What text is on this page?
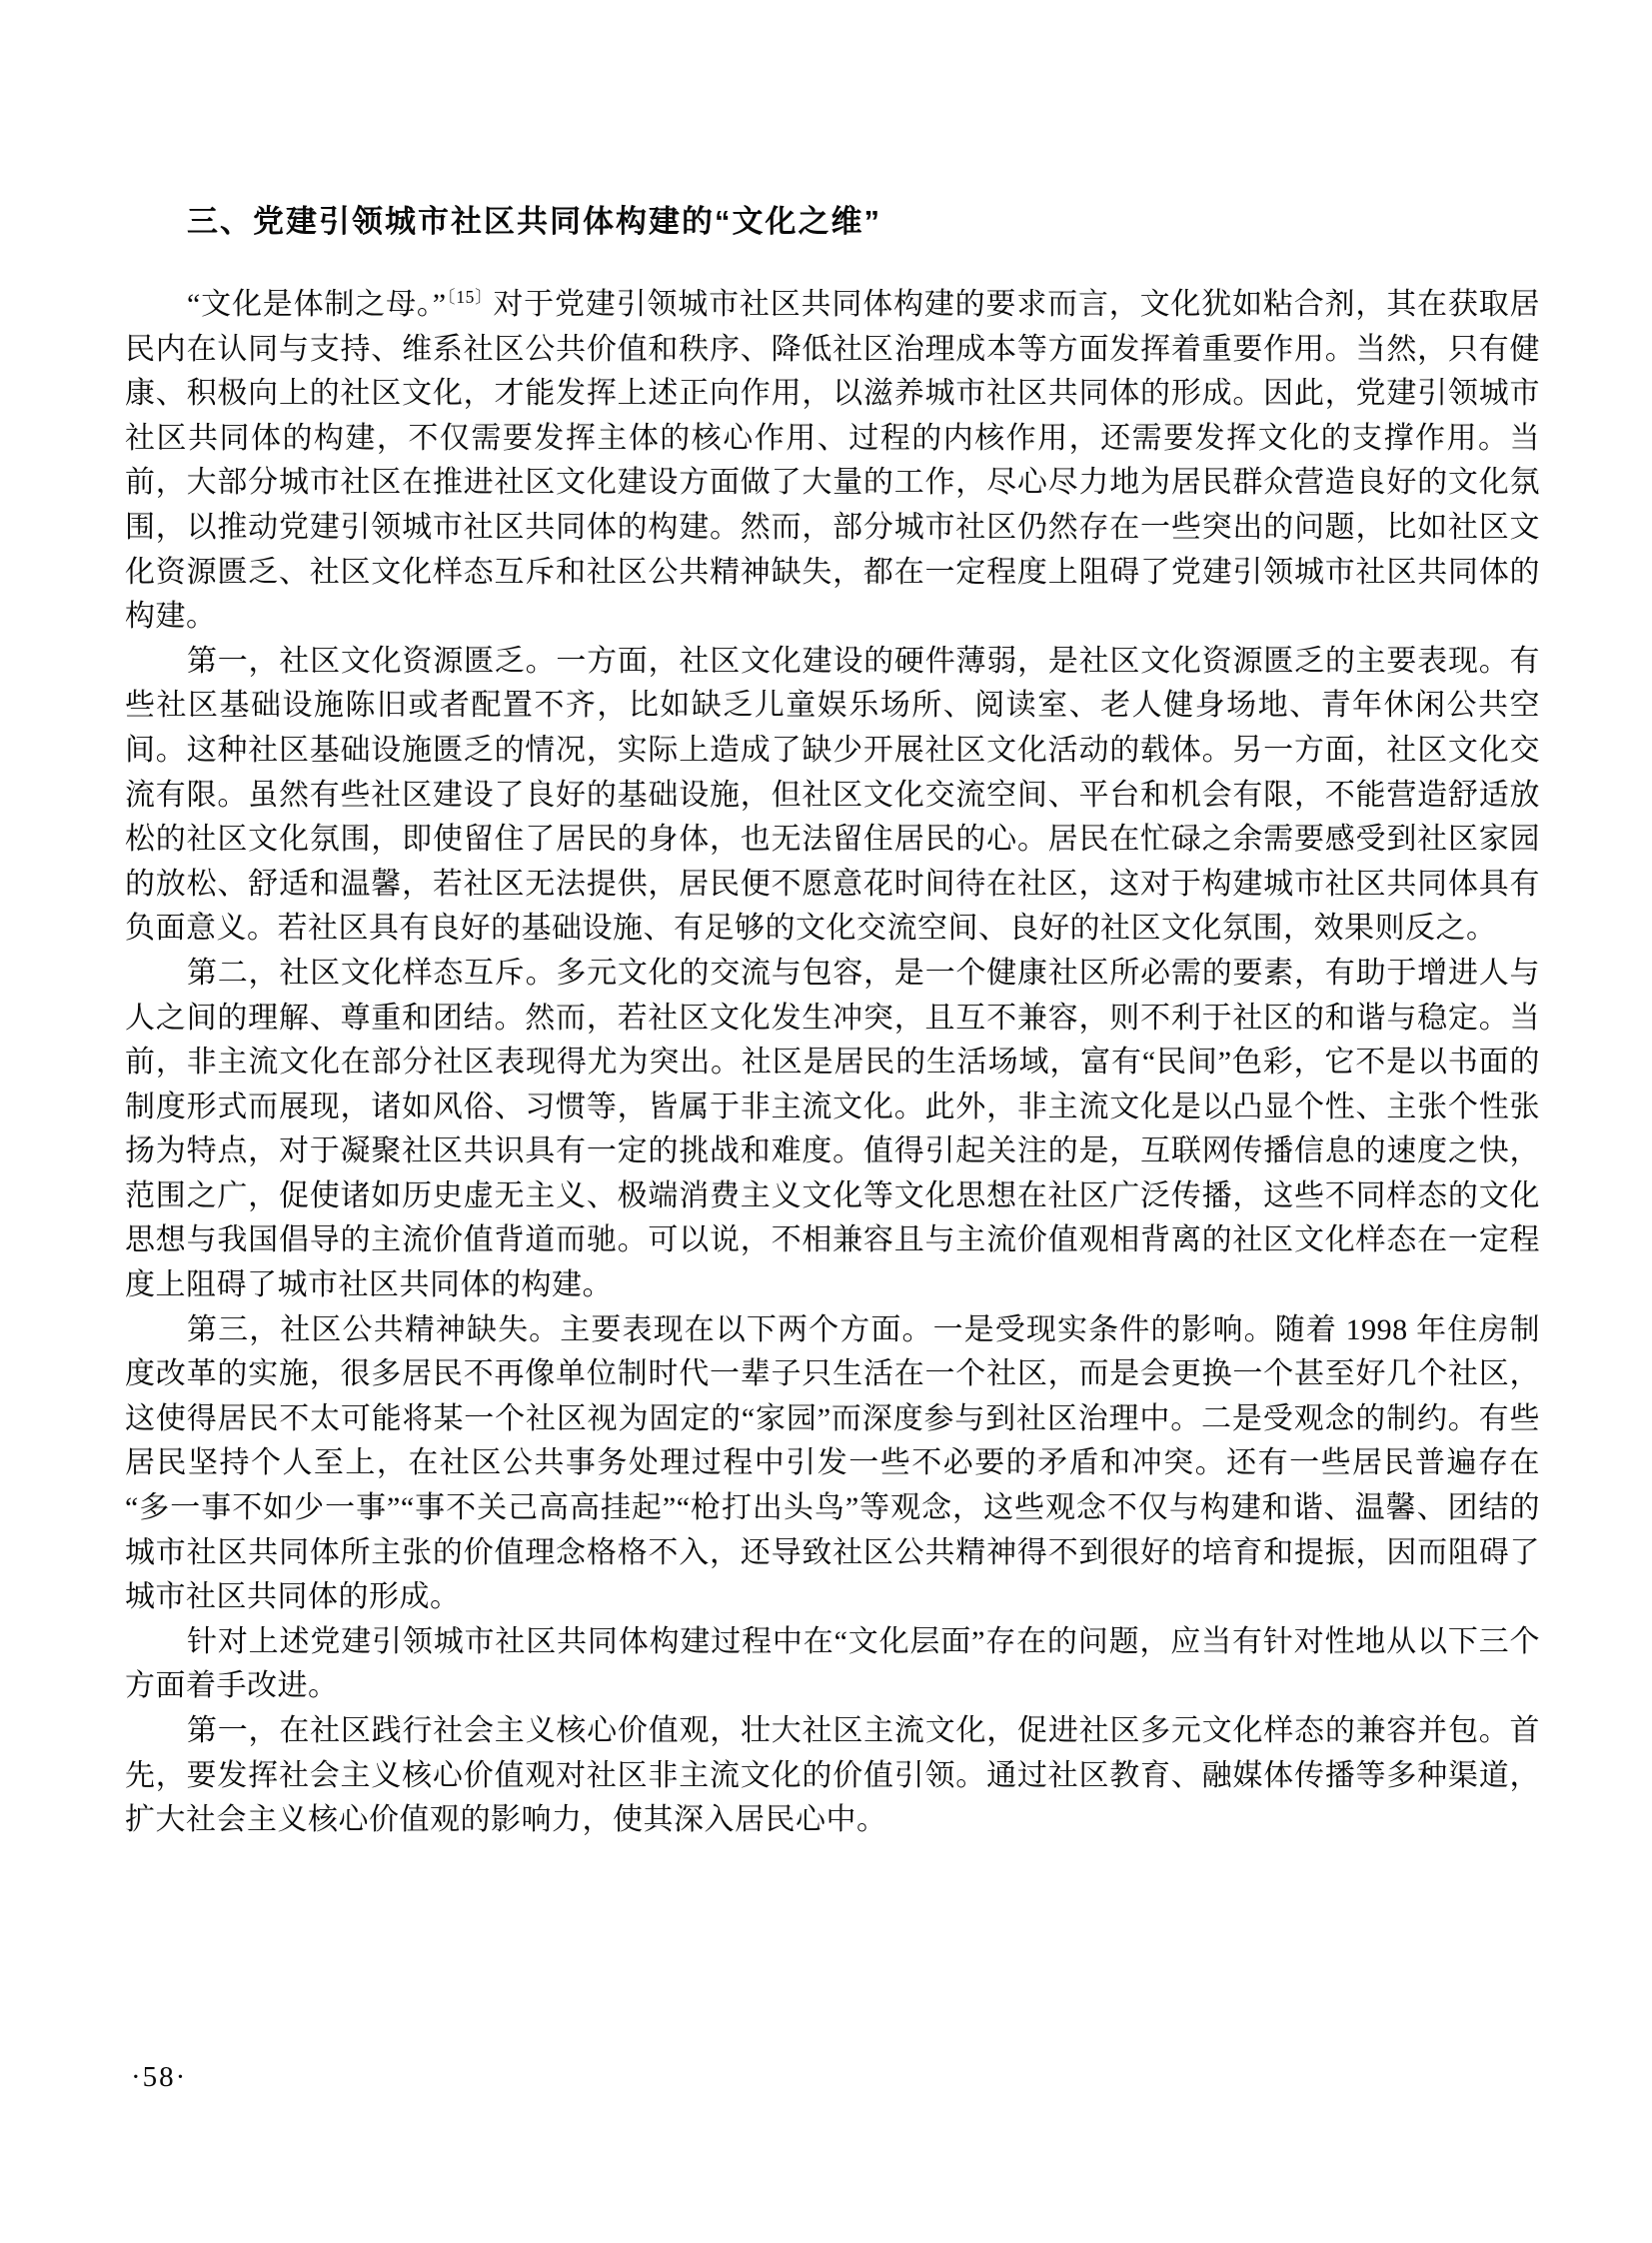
三、党建引领城市社区共同体构建的“文化之维”

“文化是体制之母。”$^{〔15〕}$对于党建引领城市社区共同体构建的要求而言，文化犹如粘合剂，其在获取居民内在认同与支持、维系社区公共价值和秩序、降低社区治理成本等方面发挥着重要作用。当然，只有健康、积极向上的社区文化，才能发挥上述正向作用，以滋养城市社区共同体的形成。因此，党建引领城市社区共同体的构建，不仅需要发挥主体的核心作用、过程的内核作用，还需要发挥文化的支撑作用。当前，大部分城市社区在推进社区文化建设方面做了大量的工作，尽心尽力地为居民群众营造良好的文化氛围，以推动党建引领城市社区共同体的构建。然而，部分城市社区仍然存在一些突出的问题，比如社区文化资源匮乏、社区文化样态互斥和社区公共精神缺失，都在一定程度上阻碍了党建引领城市社区共同体的构建。

第一，社区文化资源匮乏。一方面，社区文化建设的硬件薄弱，是社区文化资源匮乏的主要表现。有些社区基础设施陈旧或者配置不齐，比如缺乏儿童娱乐场所、阅读室、老人健身场地、青年休闲公共空间。这种社区基础设施匮乏的情况，实际上造成了缺少开展社区文化活动的载体。另一方面，社区文化交流有限。虽然有些社区建设了良好的基础设施，但社区文化交流空间、平台和机会有限，不能营造舒适放松的社区文化氛围，即使留住了居民的身体，也无法留住居民的心。居民在忙碌之余需要感受到社区家园的放松、舒适和温馨，若社区无法提供，居民便不愿意花时间待在社区，这对于构建城市社区共同体具有负面意义。若社区具有良好的基础设施、有足够的文化交流空间、良好的社区文化氛围，效果则反之。

第二，社区文化样态互斥。多元文化的交流与包容，是一个健康社区所必需的要素，有助于增进人与人之间的理解、尊重和团结。然而，若社区文化发生冲突，且互不兼容，则不利于社区的和谐与稳定。当前，非主流文化在部分社区表现得尤为突出。社区是居民的生活场域，富有“民间”色彩，它不是以书面的制度形式而展现，诸如风俗、习惯等，皆属于非主流文化。此外，非主流文化是以凸显个性、主张个性张扬为特点，对于凝聚社区共识具有一定的挑战和难度。值得引起关注的是，互联网传播信息的速度之快，范围之广，促使诸如历史虚无主义、极端消费主义文化等文化思想在社区广泛传播，这些不同样态的文化思想与我国倡导的主流价值背道而驰。可以说，不相兼容且与主流价值观相背离的社区文化样态在一定程度上阻碍了城市社区共同体的构建。

第三，社区公共精神缺失。主要表现在以下两个方面。一是受现实条件的影响。随着 1998 年住房制度改革的实施，很多居民不再像单位制时代一辈子只生活在一个社区，而是会更换一个甚至好几个社区，这使得居民不太可能将某一个社区视为固定的“家园”而深度参与到社区治理中。二是受观念的制约。有些居民坚持个人至上，在社区公共事务处理过程中引发一些不必要的矛盾和冲突。还有一些居民普遍存在“多一事不如少一事”“事不关己高高挂起”“枪打出头鸟”等观念，这些观念不仅与构建和谐、温馨、团结的城市社区共同体所主张的价值理念格格不入，还导致社区公共精神得不到很好的培育和提振，因而阻碍了城市社区共同体的形成。

针对上述党建引领城市社区共同体构建过程中在“文化层面”存在的问题，应当有针对性地从以下三个方面着手改进。

第一，在社区践行社会主义核心价值观，壮大社区主流文化，促进社区多元文化样态的兼容并包。首先，要发挥社会主义核心价值观对社区非主流文化的价值引领。通过社区教育、融媒体传播等多种渠道，扩大社会主义核心价值观的影响力，使其深入居民心中。

·58·
